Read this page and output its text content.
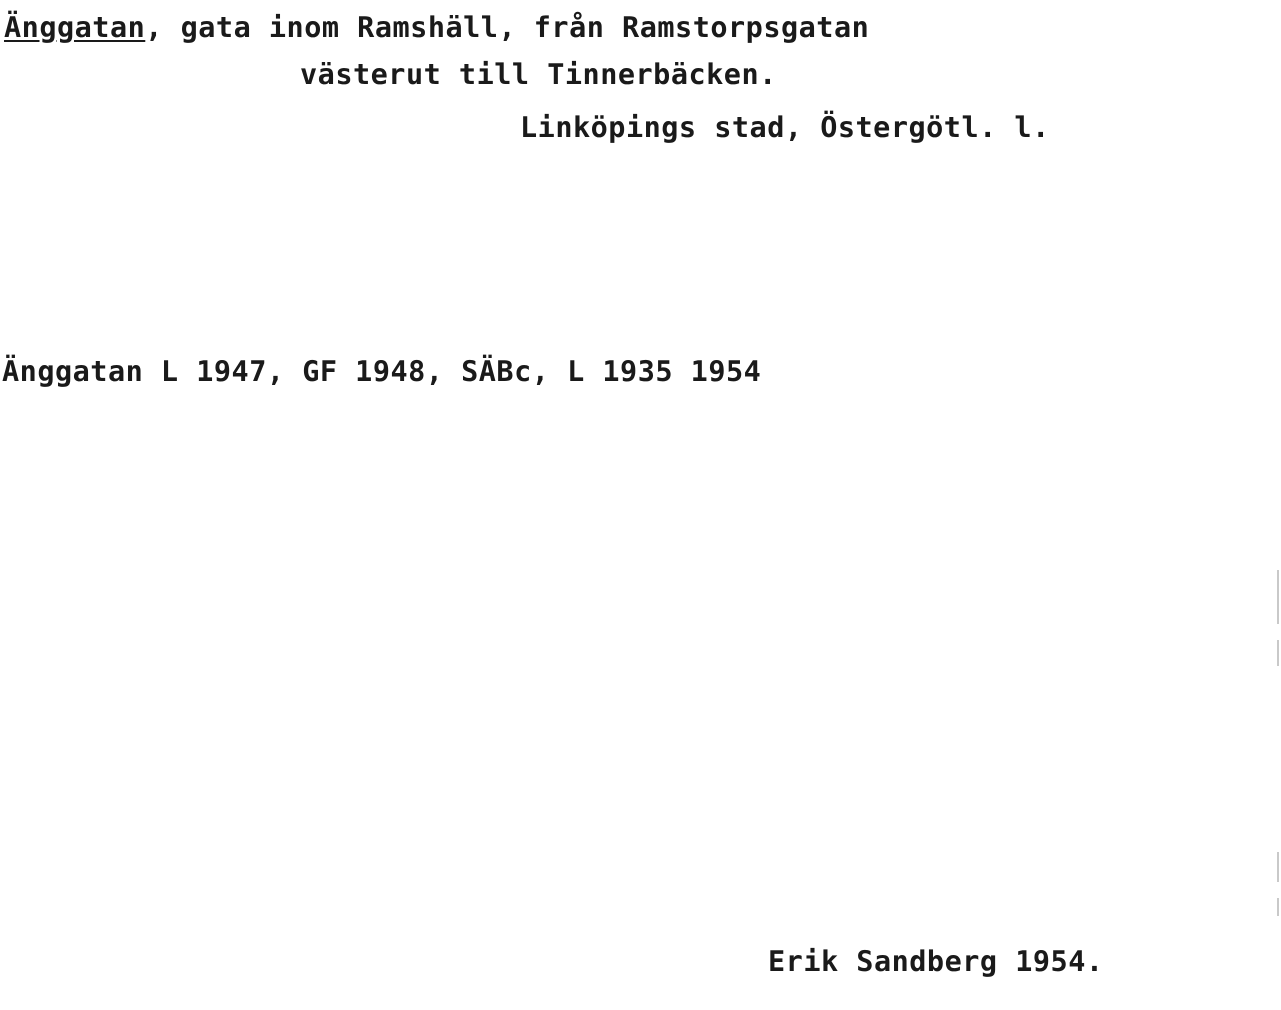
Änggatan, gata inom Ramshäll, från Ramstorpsgatan
västerut till Tinnerbäcken.
Linköpings stad, Östergötl. l.
Änggatan L 1947, GF 1948, SÄBc, L 1935 1954
Erik Sandberg 1954.
